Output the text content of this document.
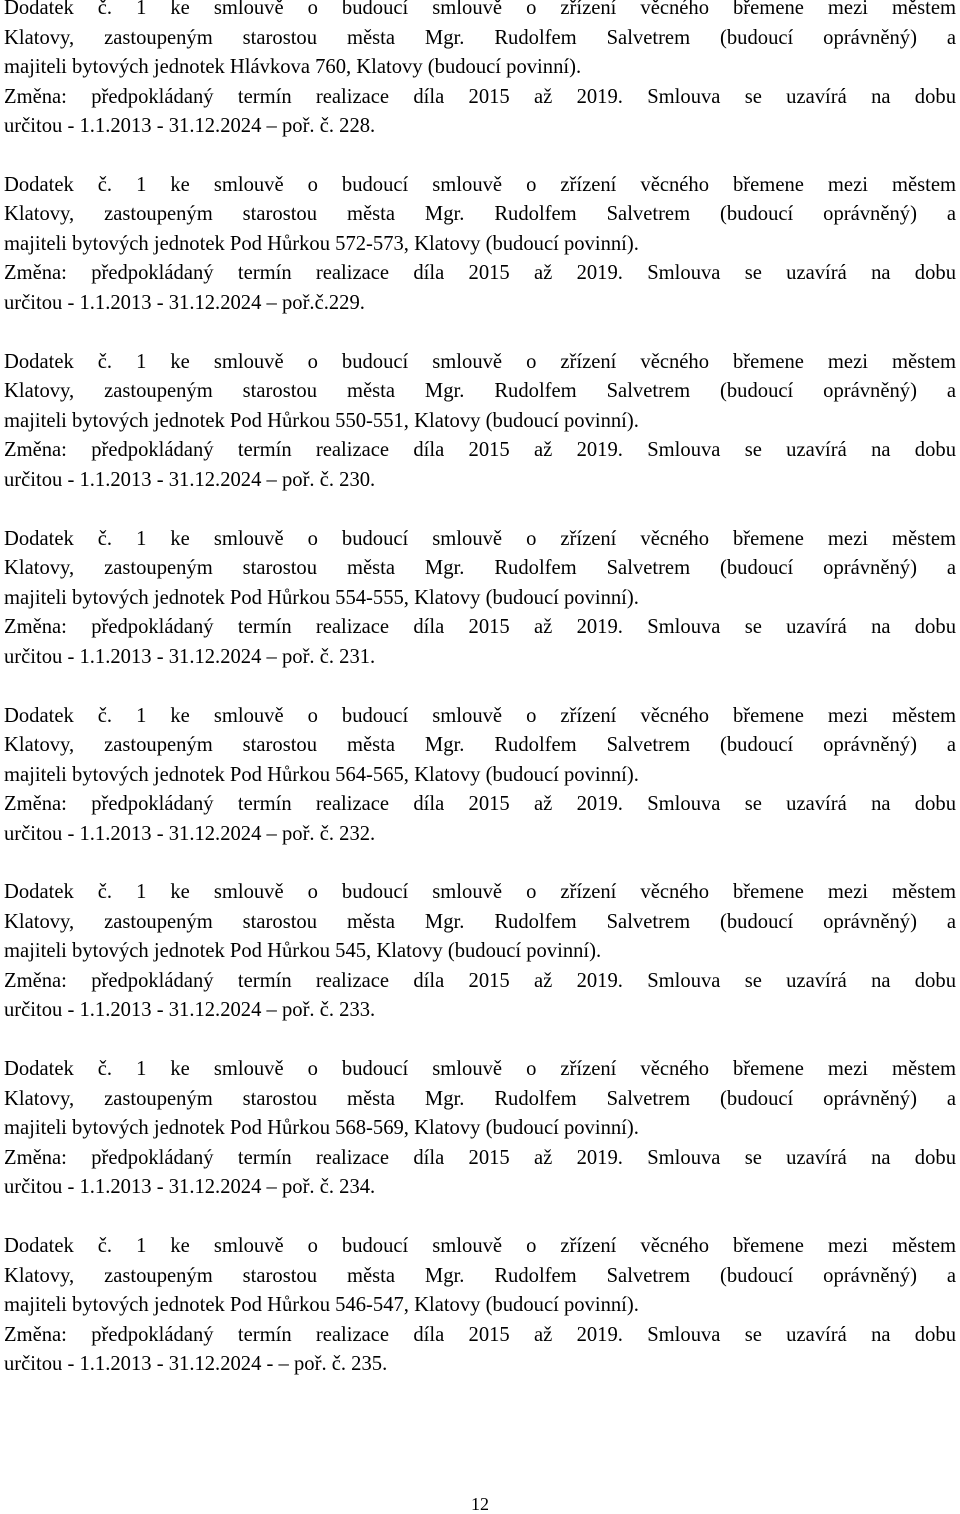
Dodatek č. 1 ke smlouvě o budoucí smlouvě o zřízení věcného břemene mezi městem
Klatovy, zastoupeným starostou města Mgr. Rudolfem Salvetrem (budoucí oprávněný) a
majiteli bytových jednotek Hlávkova 760, Klatovy (budoucí povinní).
Změna: předpokládaný termín realizace díla 2015 až 2019. Smlouva se uzavírá na dobu
určitou - 1.1.2013 - 31.12.2024 – poř. č. 228.
Dodatek č. 1 ke smlouvě o budoucí smlouvě o zřízení věcného břemene mezi městem
Klatovy, zastoupeným starostou města Mgr. Rudolfem Salvetrem (budoucí oprávněný) a
majiteli bytových jednotek Pod Hůrkou 572-573, Klatovy (budoucí povinní).
Změna: předpokládaný termín realizace díla 2015 až 2019. Smlouva se uzavírá na dobu
určitou - 1.1.2013 - 31.12.2024 – poř.č.229.
Dodatek č. 1 ke smlouvě o budoucí smlouvě o zřízení věcného břemene mezi městem
Klatovy, zastoupeným starostou města Mgr. Rudolfem Salvetrem (budoucí oprávněný) a
majiteli bytových jednotek Pod Hůrkou 550-551, Klatovy (budoucí povinní).
Změna: předpokládaný termín realizace díla 2015 až 2019. Smlouva se uzavírá na dobu
určitou - 1.1.2013 - 31.12.2024 – poř. č. 230.
Dodatek č. 1 ke smlouvě o budoucí smlouvě o zřízení věcného břemene mezi městem
Klatovy, zastoupeným starostou města Mgr. Rudolfem Salvetrem (budoucí oprávněný) a
majiteli bytových jednotek Pod Hůrkou 554-555, Klatovy (budoucí povinní).
Změna: předpokládaný termín realizace díla 2015 až 2019. Smlouva se uzavírá na dobu
určitou - 1.1.2013 - 31.12.2024 – poř. č. 231.
Dodatek č. 1 ke smlouvě o budoucí smlouvě o zřízení věcného břemene mezi městem
Klatovy, zastoupeným starostou města Mgr. Rudolfem Salvetrem (budoucí oprávněný) a
majiteli bytových jednotek Pod Hůrkou 564-565, Klatovy (budoucí povinní).
Změna: předpokládaný termín realizace díla 2015 až 2019. Smlouva se uzavírá na dobu
určitou - 1.1.2013 - 31.12.2024 – poř. č. 232.
Dodatek č. 1 ke smlouvě o budoucí smlouvě o zřízení věcného břemene mezi městem
Klatovy, zastoupeným starostou města Mgr. Rudolfem Salvetrem (budoucí oprávněný) a
majiteli bytových jednotek Pod Hůrkou 545, Klatovy (budoucí povinní).
Změna: předpokládaný termín realizace díla 2015 až 2019. Smlouva se uzavírá na dobu
určitou - 1.1.2013 - 31.12.2024 – poř. č. 233.
Dodatek č. 1 ke smlouvě o budoucí smlouvě o zřízení věcného břemene mezi městem
Klatovy, zastoupeným starostou města Mgr. Rudolfem Salvetrem (budoucí oprávněný) a
majiteli bytových jednotek Pod Hůrkou 568-569, Klatovy (budoucí povinní).
Změna: předpokládaný termín realizace díla 2015 až 2019. Smlouva se uzavírá na dobu
určitou - 1.1.2013 - 31.12.2024 – poř. č. 234.
Dodatek č. 1 ke smlouvě o budoucí smlouvě o zřízení věcného břemene mezi městem
Klatovy, zastoupeným starostou města Mgr. Rudolfem Salvetrem (budoucí oprávněný) a
majiteli bytových jednotek Pod Hůrkou 546-547, Klatovy (budoucí povinní).
Změna: předpokládaný termín realizace díla 2015 až 2019. Smlouva se uzavírá na dobu
určitou - 1.1.2013 - 31.12.2024 - – poř. č. 235.
12
